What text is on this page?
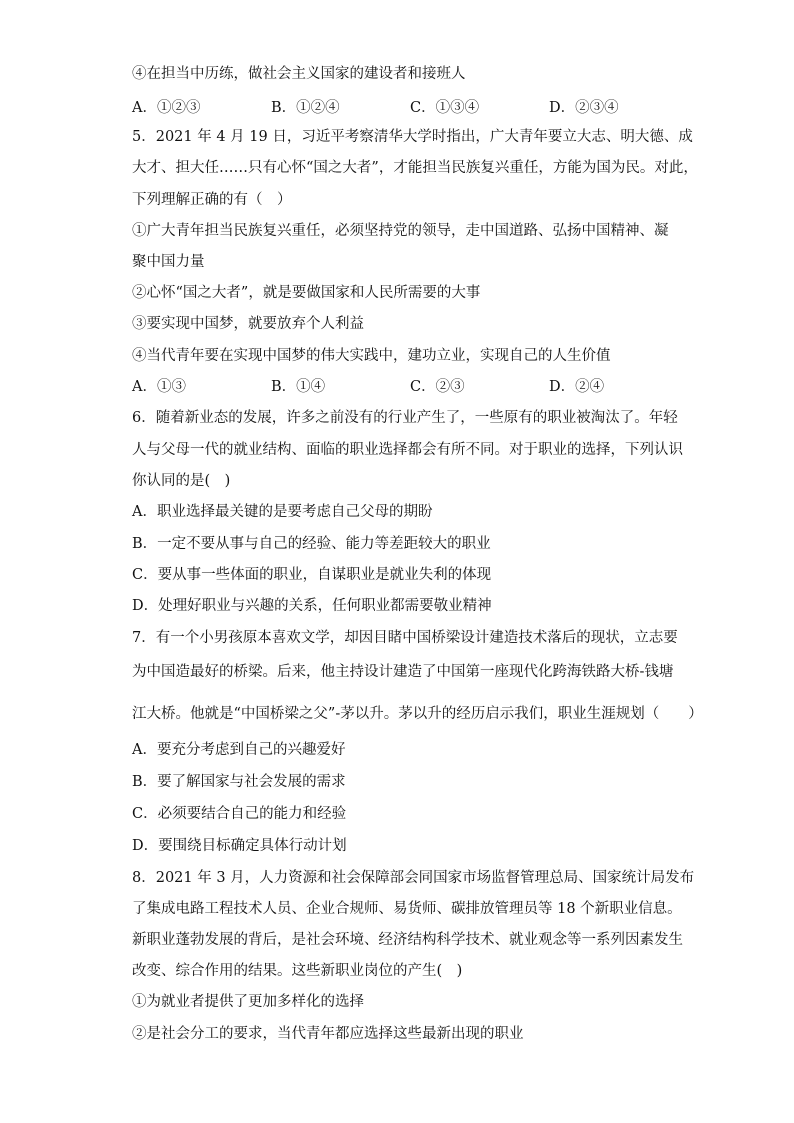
④在担当中历练，做社会主义国家的建设者和接班人
A．①②③	B．①②④	C．①③④	D．②③④
5．2021 年 4 月 19 日，习近平考察清华大学时指出，广大青年要立大志、明大德、成
大才、担大任……只有心怀“国之大者”，才能担当民族复兴重任，方能为国为民。对此，
下列理解正确的有（　）
①广大青年担当民族复兴重任，必须坚持党的领导，走中国道路、弘扬中国精神、凝
聚中国力量
②心怀“国之大者”，就是要做国家和人民所需要的大事
③要实现中国梦，就要放弃个人利益
④当代青年要在实现中国梦的伟大实践中，建功立业，实现自己的人生价值
A．①③	B．①④	C．②③	D．②④
6．随着新业态的发展，许多之前没有的行业产生了，一些原有的职业被淘汰了。年轻
人与父母一代的就业结构、面临的职业选择都会有所不同。对于职业的选择，下列认识
你认同的是(　)
A．职业选择最关键的是要考虑自己父母的期盼
B．一定不要从事与自己的经验、能力等差距较大的职业
C．要从事一些体面的职业，自谋职业是就业失利的体现
D．处理好职业与兴趣的关系，任何职业都需要敬业精神
7．有一个小男孩原本喜欢文学，却因目睹中国桥梁设计建造技术落后的现状，立志要
为中国造最好的桥梁。后来，他主持设计建造了中国第一座现代化跨海铁路大桥-钱塘
江大桥。他就是“中国桥梁之父”-茅以升。茅以升的经历启示我们，职业生涯规划（　　）
A．要充分考虑到自己的兴趣爱好
B．要了解国家与社会发展的需求
C．必须要结合自己的能力和经验
D．要围绕目标确定具体行动计划
8．2021 年 3 月，人力资源和社会保障部会同国家市场监督管理总局、国家统计局发布
了集成电路工程技术人员、企业合规师、易货师、碳排放管理员等 18 个新职业信息。
新职业蓬勃发展的背后，是社会环境、经济结构科学技术、就业观念等一系列因素发生
改变、综合作用的结果。这些新职业岗位的产生(　)
①为就业者提供了更加多样化的选择
②是社会分工的要求，当代青年都应选择这些最新出现的职业
